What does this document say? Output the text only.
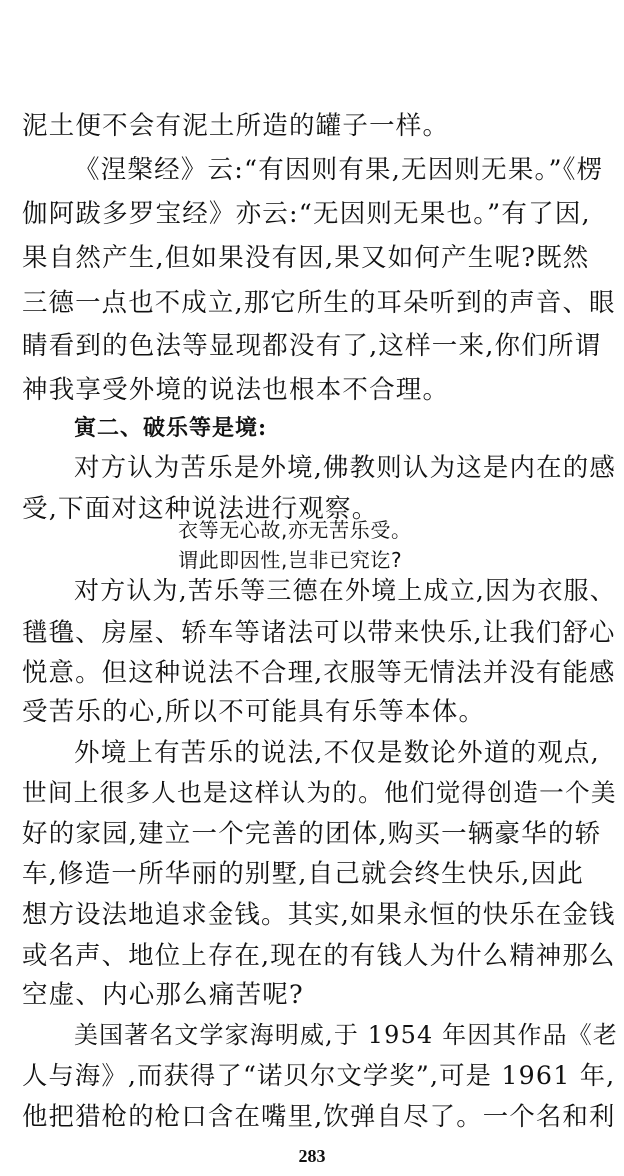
泥土便不会有泥土所造的罐子一样。
《涅槃经》云:“有因则有果,无因则无果。”《楞
伽阿跋多罗宝经》亦云:“无因则无果也。”有了因,
果自然产生,但如果没有因,果又如何产生呢?既然
三德一点也不成立,那它所生的耳朵听到的声音、眼
睛看到的色法等显现都没有了,这样一来,你们所谓
神我享受外境的说法也根本不合理。
寅二、破乐等是境:
对方认为苦乐是外境,佛教则认为这是内在的感
受,下面对这种说法进行观察。
衣等无心故,亦无苦乐受。
谓此即因性,岂非已究讫?
对方认为,苦乐等三德在外境上成立,因为衣服、
氆氇、房屋、轿车等诸法可以带来快乐,让我们舒心
悦意。但这种说法不合理,衣服等无情法并没有能感
受苦乐的心,所以不可能具有乐等本体。
外境上有苦乐的说法,不仅是数论外道的观点,
世间上很多人也是这样认为的。他们觉得创造一个美
好的家园,建立一个完善的团体,购买一辆豪华的轿
车,修造一所华丽的别墅,自己就会终生快乐,因此
想方设法地追求金钱。其实,如果永恒的快乐在金钱
或名声、地位上存在,现在的有钱人为什么精神那么
空虚、内心那么痛苦呢?
美国著名文学家海明威,于 1954 年因其作品《老
人与海》,而获得了“诺贝尔文学奖”,可是 1961 年,
他把猎枪的枪口含在嘴里,饮弹自尽了。一个名和利
283
